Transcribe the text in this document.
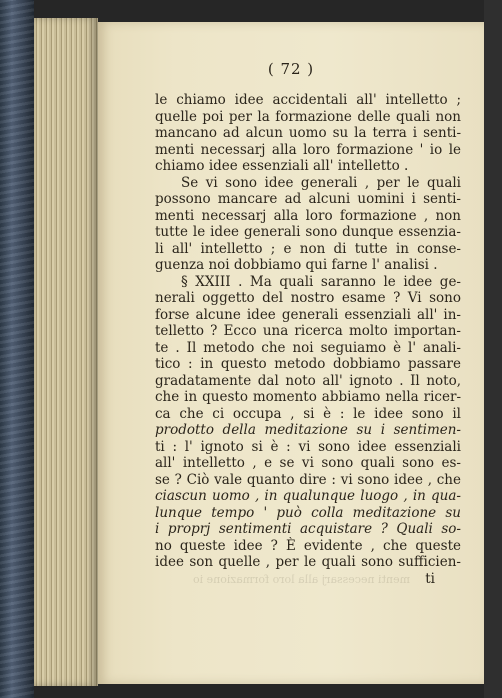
( 72 )
le chiamo idee accidentali all' intelletto ;
quelle poi per la formazione delle quali non
mancano ad alcun uomo su la terra i senti-
menti necessarj alla loro formazione ' io le
chiamo idee essenziali all' intelletto .
Se vi sono idee generali , per le quali
possono mancare ad alcuni uomini i senti-
menti necessarj alla loro formazione , non
tutte le idee generali sono dunque essenzia-
li all' intelletto ; e non di tutte in conse-
guenza noi dobbiamo qui farne l' analisi .
§ XXIII . Ma quali saranno le idee ge-
nerali oggetto del nostro esame ? Vi sono
forse alcune idee generali essenziali all' in-
telletto ? Ecco una ricerca molto importan-
te . Il metodo che noi seguiamo è l' anali-
tico : in questo metodo dobbiamo passare
gradatamente dal noto all' ignoto . Il noto,
che in questo momento abbiamo nella ricer-
ca che ci occupa , si è : le idee sono il
prodotto della meditazione su i sentimen-
ti : l' ignoto si è : vi sono idee essenziali
all' intelletto , e se vi sono quali sono es-
se ? Ciò vale quanto dire : vi sono idee , che
ciascun uomo , in qualunque luogo , in qua-
lunque tempo ' può colla meditazione su
i proprj sentimenti acquistare ? Quali so-
no queste idee ? È evidente , che queste
idee son quelle , per le quali sono sufficien-
ti
menti necessarj alla loro formazione io
